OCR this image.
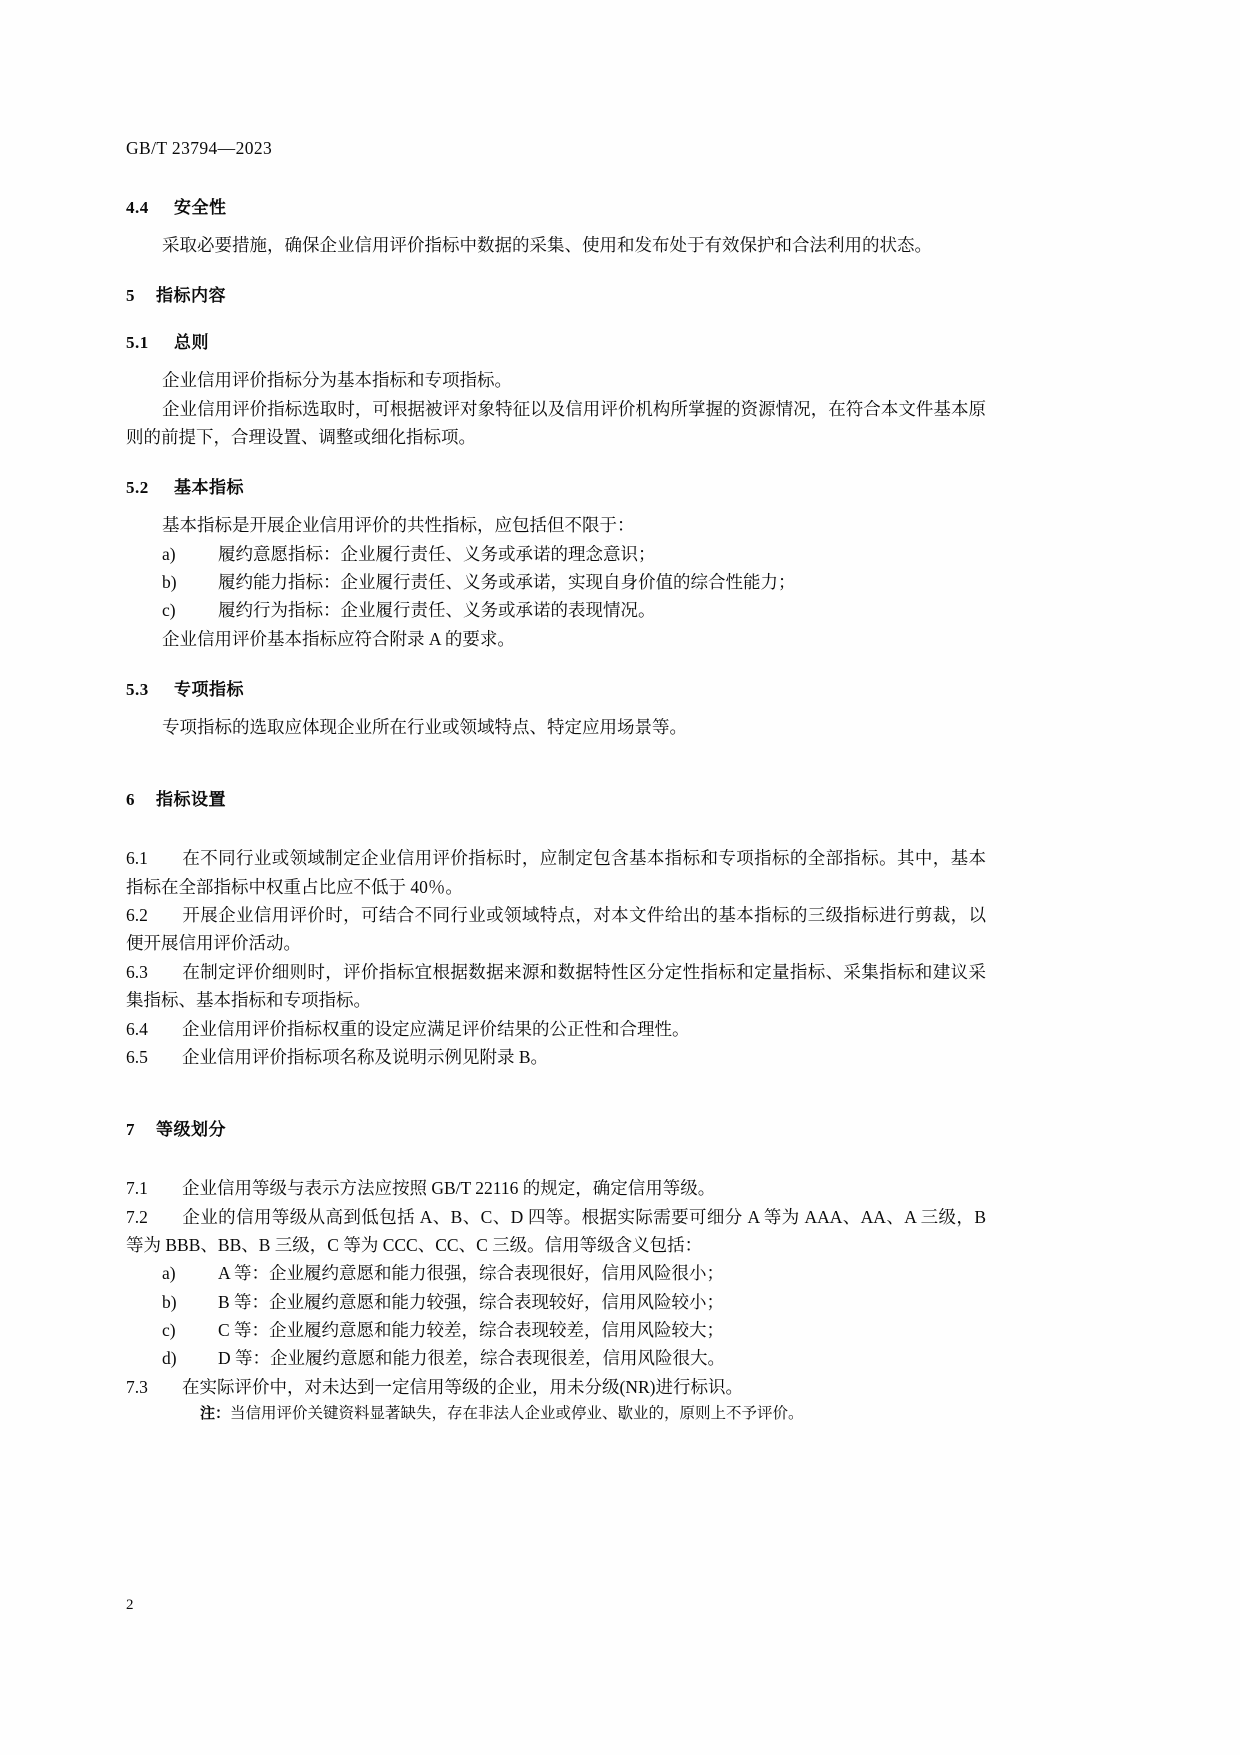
GB/T 23794—2023
4.4 安全性

采取必要措施，确保企业信用评价指标中数据的采集、使用和发布处于有效保护和合法利用的状态。

5 指标内容
5.1 总则

企业信用评价指标分为基本指标和专项指标。

企业信用评价指标选取时，可根据被评对象特征以及信用评价机构所掌握的资源情况，在符合本文件基本原则的前提下，合理设置、调整或细化指标项。

5.2 基本指标

基本指标是开展企业信用评价的共性指标，应包括但不限于：

a) 履约意愿指标：企业履行责任、义务或承诺的理念意识；

b) 履约能力指标：企业履行责任、义务或承诺，实现自身价值的综合性能力；

c) 履约行为指标：企业履行责任、义务或承诺的表现情况。

企业信用评价基本指标应符合附录 A 的要求。

5.3 专项指标

专项指标的选取应体现企业所在行业或领域特点、特定应用场景等。

6 指标设置

6.1 在不同行业或领域制定企业信用评价指标时，应制定包含基本指标和专项指标的全部指标。其中，基本指标在全部指标中权重占比应不低于 40％。

6.2 开展企业信用评价时，可结合不同行业或领域特点，对本文件给出的基本指标的三级指标进行剪裁，以便开展信用评价活动。

6.3 在制定评价细则时，评价指标宜根据数据来源和数据特性区分定性指标和定量指标、采集指标和建议采集指标、基本指标和专项指标。

6.4 企业信用评价指标权重的设定应满足评价结果的公正性和合理性。

6.5 企业信用评价指标项名称及说明示例见附录 B。

7 等级划分

7.1 企业信用等级与表示方法应按照 GB/T 22116 的规定，确定信用等级。

7.2 企业的信用等级从高到低包括 A、B、C、D 四等。根据实际需要可细分 A 等为 AAA、AA、A 三级，B 等为 BBB、BB、B 三级，C 等为 CCC、CC、C 三级。信用等级含义包括：

a) A 等：企业履约意愿和能力很强，综合表现很好，信用风险很小；

b) B 等：企业履约意愿和能力较强，综合表现较好，信用风险较小；

c) C 等：企业履约意愿和能力较差，综合表现较差，信用风险较大；

d) D 等：企业履约意愿和能力很差，综合表现很差，信用风险很大。

7.3 在实际评价中，对未达到一定信用等级的企业，用未分级(NR)进行标识。

注：当信用评价关键资料显著缺失，存在非法人企业或停业、歇业的，原则上不予评价。

2
